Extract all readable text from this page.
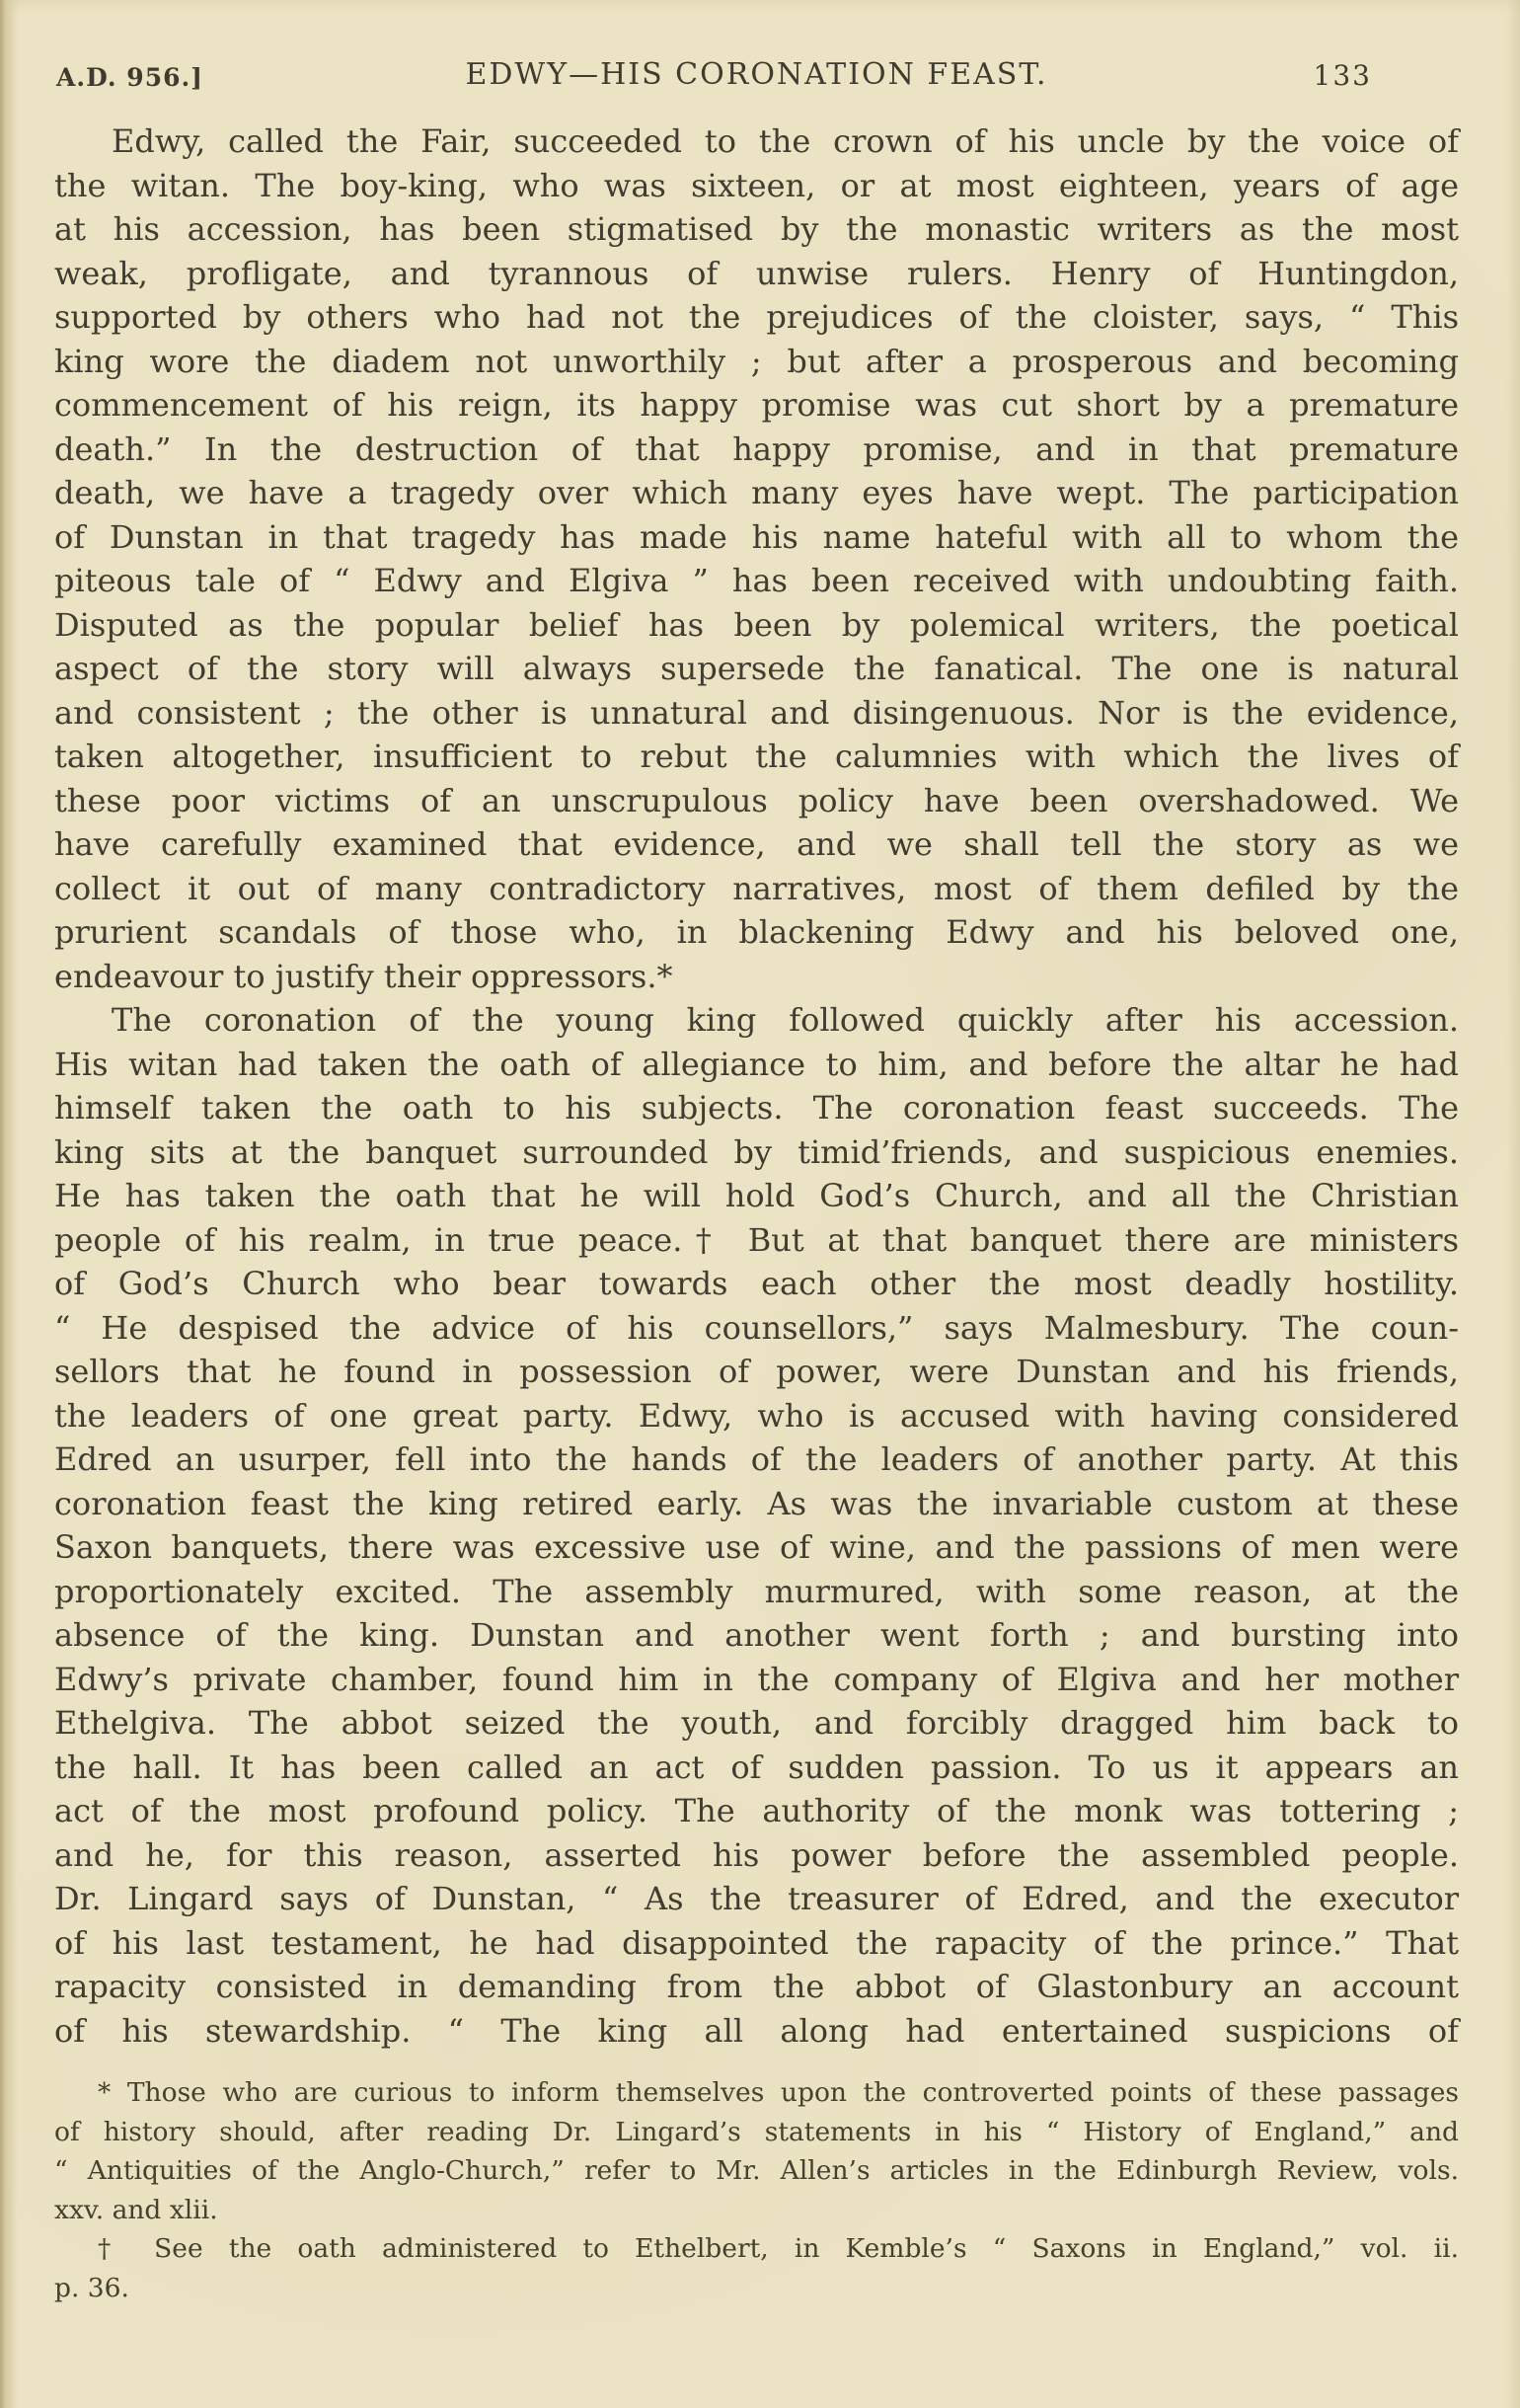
A.D. 956.]	EDWY—HIS CORONATION FEAST.	133
Edwy, called the Fair, succeeded to the crown of his uncle by the voice of
the witan. The boy-king, who was sixteen, or at most eighteen, years of age
at his accession, has been stigmatised by the monastic writers as the most
weak, profligate, and tyrannous of unwise rulers. Henry of Huntingdon,
supported by others who had not the prejudices of the cloister, says, “ This
king wore the diadem not unworthily ; but after a prosperous and becoming
commencement of his reign, its happy promise was cut short by a premature
death.” In the destruction of that happy promise, and in that premature
death, we have a tragedy over which many eyes have wept. The participation
of Dunstan in that tragedy has made his name hateful with all to whom the
piteous tale of “ Edwy and Elgiva ” has been received with undoubting faith.
Disputed as the popular belief has been by polemical writers, the poetical
aspect of the story will always supersede the fanatical. The one is natural
and consistent ; the other is unnatural and disingenuous. Nor is the evidence,
taken altogether, insufficient to rebut the calumnies with which the lives of
these poor victims of an unscrupulous policy have been overshadowed. We
have carefully examined that evidence, and we shall tell the story as we
collect it out of many contradictory narratives, most of them defiled by the
prurient scandals of those who, in blackening Edwy and his beloved one,
endeavour to justify their oppressors.*
The coronation of the young king followed quickly after his accession.
His witan had taken the oath of allegiance to him, and before the altar he had
himself taken the oath to his subjects. The coronation feast succeeds. The
king sits at the banquet surrounded by timid’friends, and suspicious enemies.
He has taken the oath that he will hold God’s Church, and all the Christian
people of his realm, in true peace.† But at that banquet there are ministers
of God’s Church who bear towards each other the most deadly hostility.
“ He despised the advice of his counsellors,” says Malmesbury. The coun-
sellors that he found in possession of power, were Dunstan and his friends,
the leaders of one great party. Edwy, who is accused with having considered
Edred an usurper, fell into the hands of the leaders of another party. At this
coronation feast the king retired early. As was the invariable custom at these
Saxon banquets, there was excessive use of wine, and the passions of men were
proportionately excited. The assembly murmured, with some reason, at the
absence of the king. Dunstan and another went forth ; and bursting into
Edwy’s private chamber, found him in the company of Elgiva and her mother
Ethelgiva. The abbot seized the youth, and forcibly dragged him back to
the hall. It has been called an act of sudden passion. To us it appears an
act of the most profound policy. The authority of the monk was tottering ;
and he, for this reason, asserted his power before the assembled people.
Dr. Lingard says of Dunstan, “ As the treasurer of Edred, and the executor
of his last testament, he had disappointed the rapacity of the prince.” That
rapacity consisted in demanding from the abbot of Glastonbury an account
of his stewardship. “ The king all along had entertained suspicions of
* Those who are curious to inform themselves upon the controverted points of these passages
of history should, after reading Dr. Lingard’s statements in his “ History of England,” and
“ Antiquities of the Anglo-Church,” refer to Mr. Allen’s articles in the Edinburgh Review, vols.
xxv. and xlii.
† See the oath administered to Ethelbert, in Kemble’s “ Saxons in England,” vol. ii.
p. 36.
